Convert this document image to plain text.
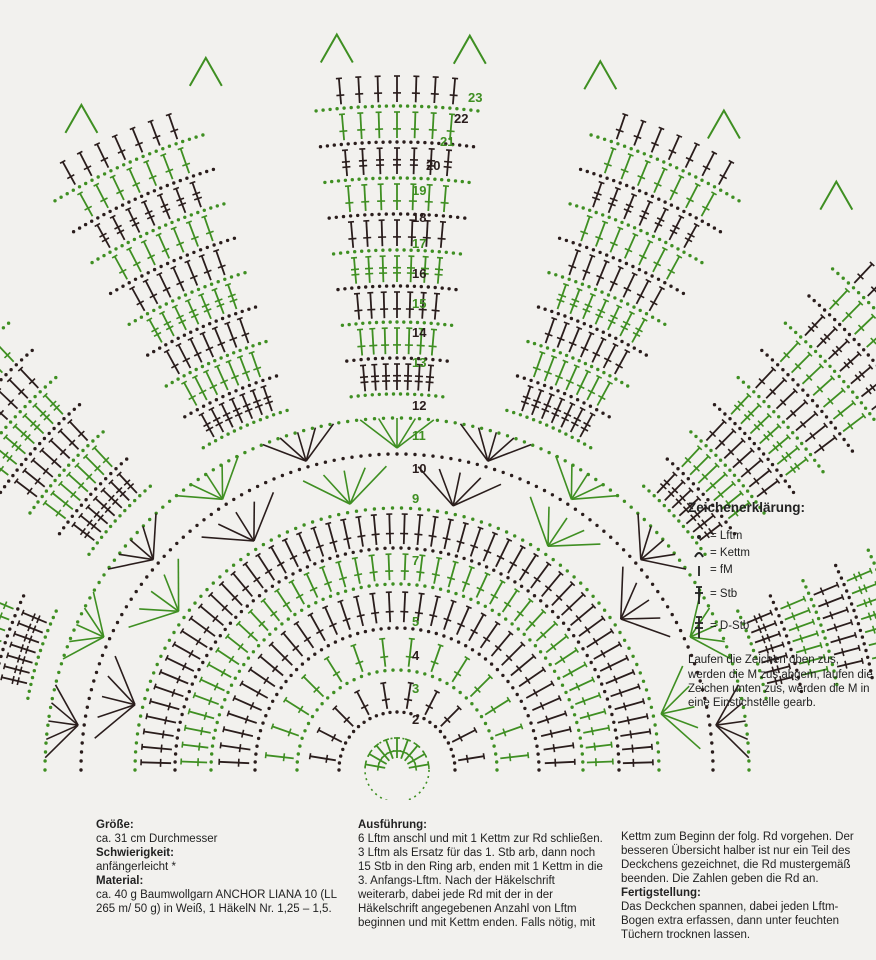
2
3
4
5
7
9
10
11
12
13
14
15
16
17
18
19
20
21
22
23
Zeichenerklärung:
= Lftm
= Kettm
= fM
= Stb
= D-Stb

Laufen die Zeichen oben zus, werden die M zus abgem, laufen die Zeichen unten zus, werden die M in eine Einstichstelle gearb.

Größe:

ca. 31 cm Durchmesser

Schwierigkeit:

anfängerleicht *

Material:

ca. 40 g Baumwollgarn ANCHOR LIANA 10 (LL 265 m/ 50 g) in Weiß, 1 HäkelN Nr. 1,25 – 1,5.

Ausführung:

6 Lftm anschl und mit 1 Kettm zur Rd schließen. 3 Lftm als Ersatz für das 1. Stb arb, dann noch 15 Stb in den Ring arb, enden mit 1 Kettm in die 3. Anfangs-Lftm. Nach der Häkelschrift weiterarb, dabei jede Rd mit der in der Häkelschrift angegebenen Anzahl von Lftm beginnen und mit Kettm enden. Falls nötig, mit

Kettm zum Beginn der folg. Rd vorgehen. Der besseren Übersicht halber ist nur ein Teil des Deckchens gezeichnet, die Rd mustergemäß beenden. Die Zahlen geben die Rd an.

Fertigstellung:

Das Deckchen spannen, dabei jeden Lftm-Bogen extra erfassen, dann unter feuchten Tüchern trocknen lassen.
